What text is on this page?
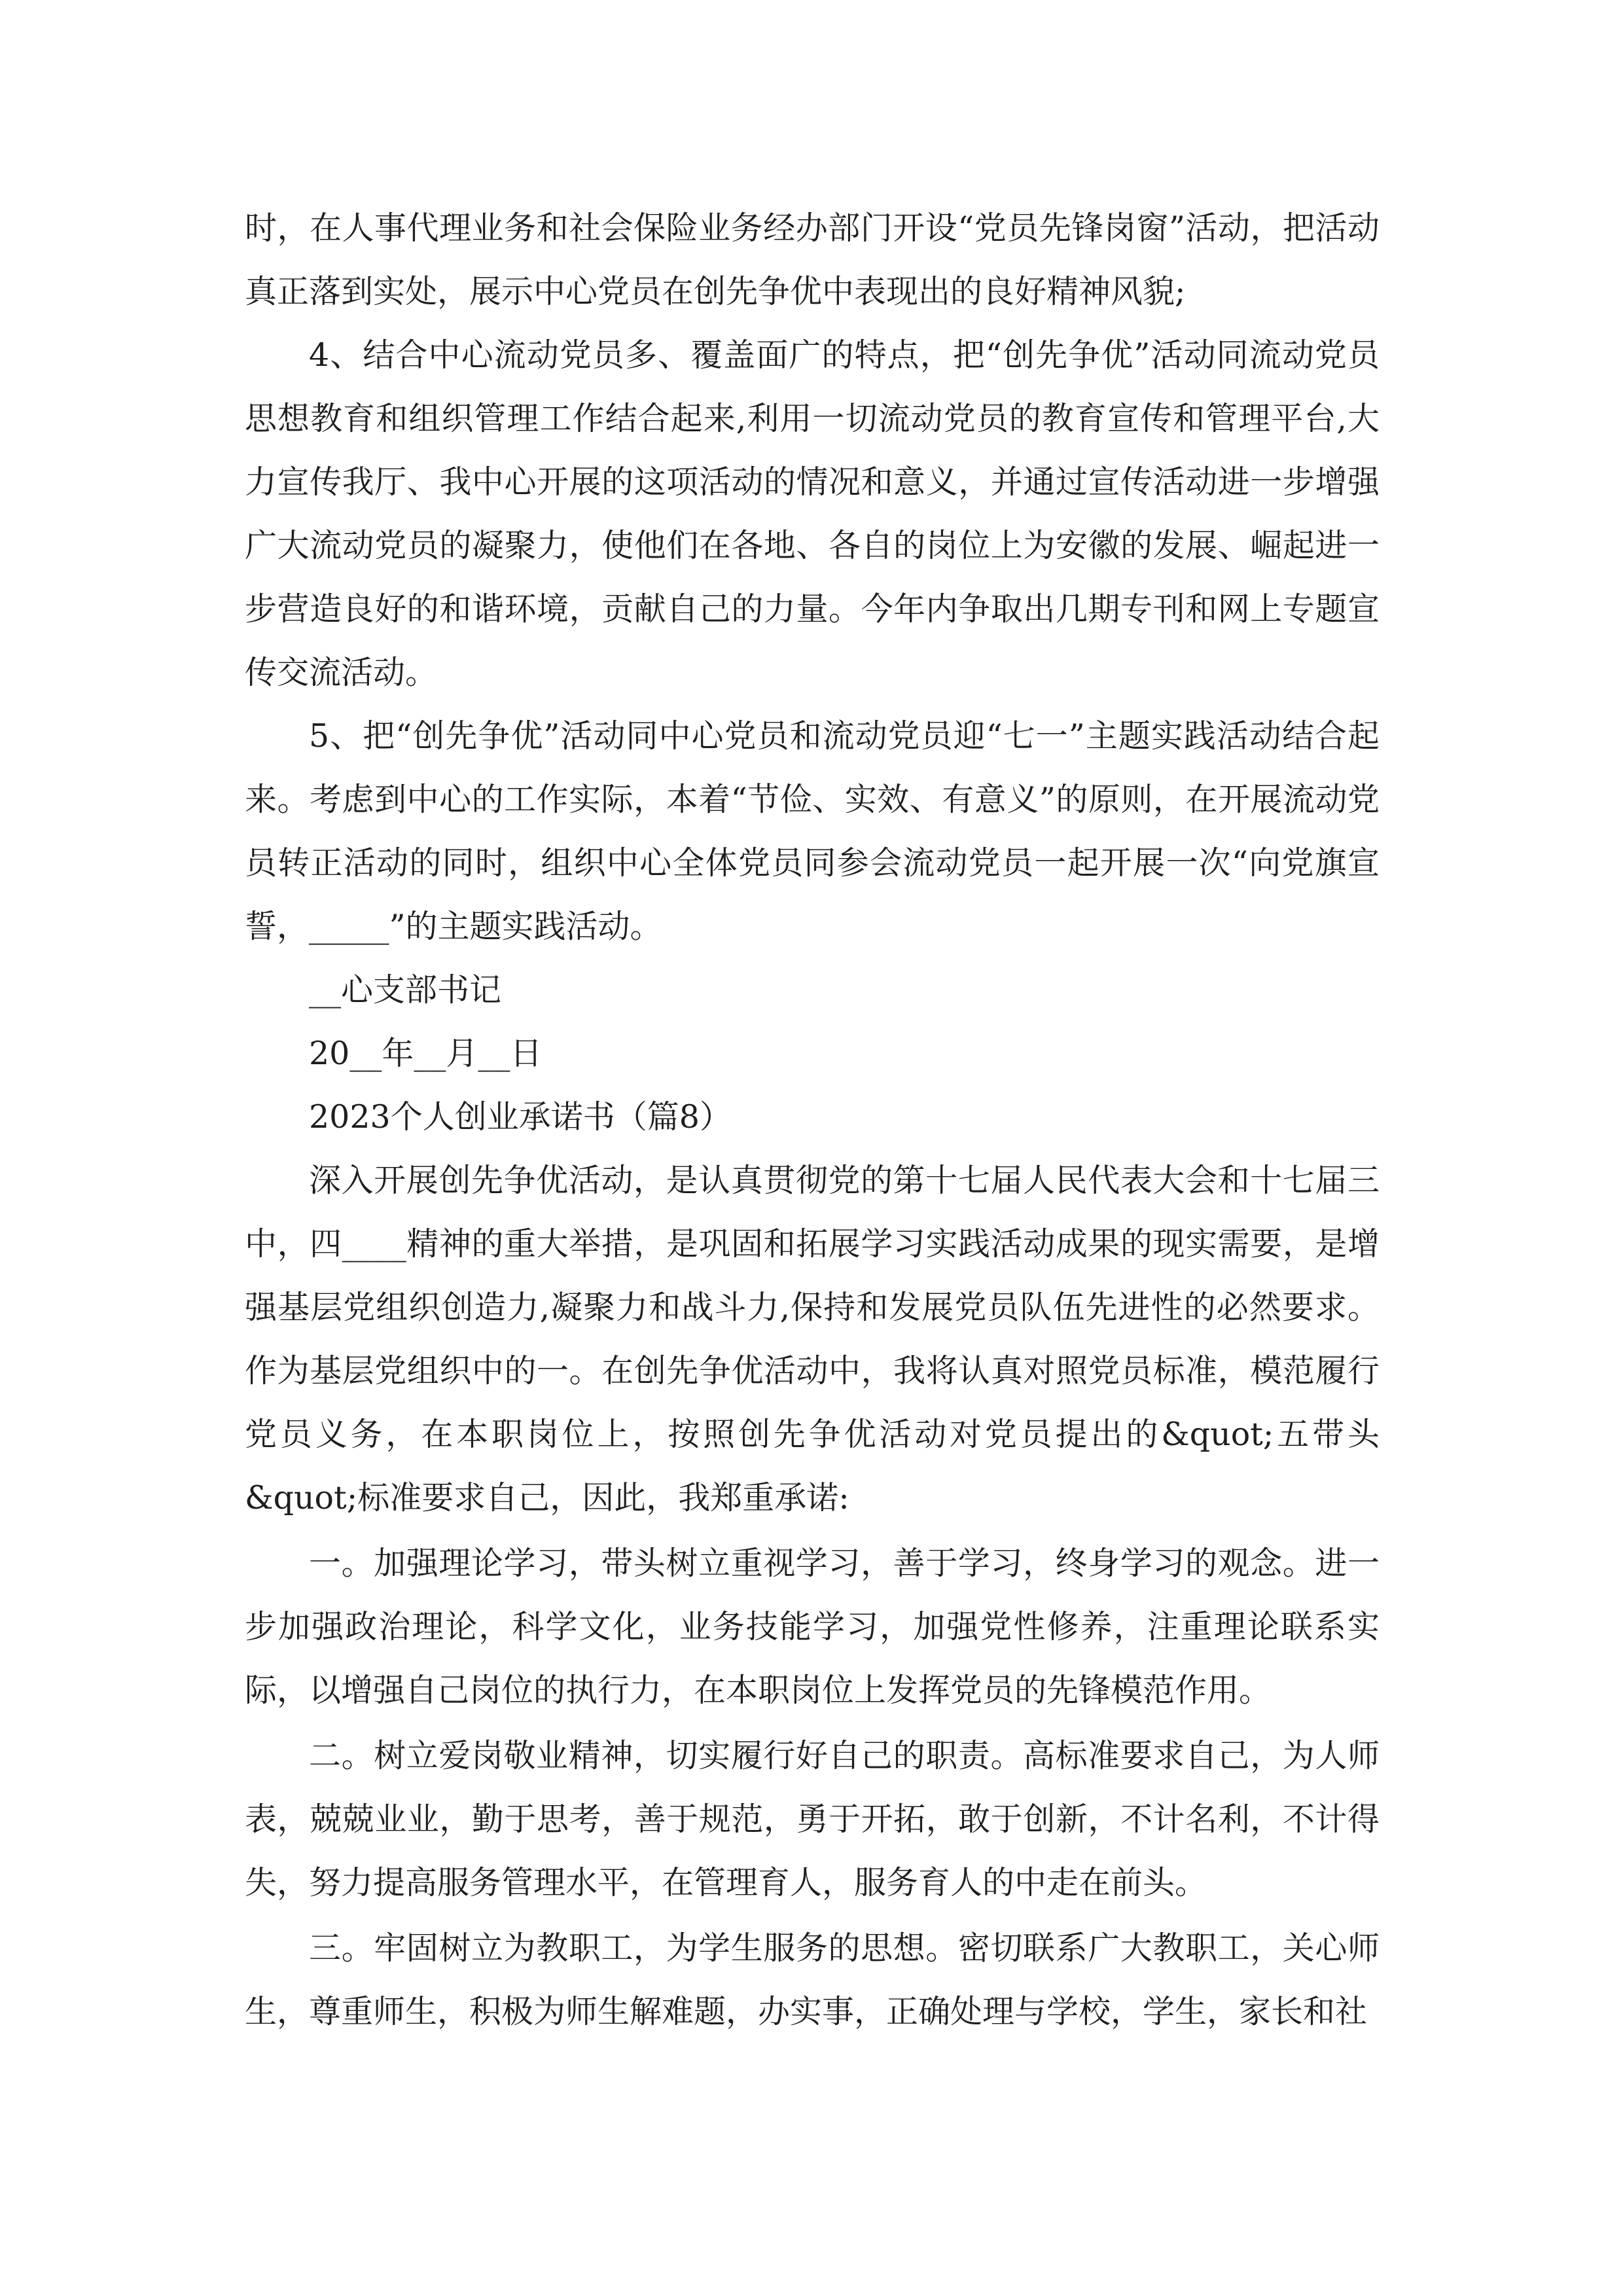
时，在人事代理业务和社会保险业务经办部门开设“党员先锋岗窗”活动，把活动真正落到实处，展示中心党员在创先争优中表现出的良好精神风貌;

4、结合中心流动党员多、覆盖面广的特点，把“创先争优”活动同流动党员思想教育和组织管理工作结合起来,利用一切流动党员的教育宣传和管理平台,大力宣传我厅、我中心开展的这项活动的情况和意义，并通过宣传活动进一步增强广大流动党员的凝聚力，使他们在各地、各自的岗位上为安徽的发展、崛起进一步营造良好的和谐环境，贡献自己的力量。今年内争取出几期专刊和网上专题宣传交流活动。

5、把“创先争优”活动同中心党员和流动党员迎“七一”主题实践活动结合起来。考虑到中心的工作实际，本着“节俭、实效、有意义”的原则，在开展流动党员转正活动的同时，组织中心全体党员同参会流动党员一起开展一次“向党旗宣誓，_____”的主题实践活动。

__心支部书记

20__年__月__日

2023个人创业承诺书（篇8）

深入开展创先争优活动，是认真贯彻党的第十七届人民代表大会和十七届三中，四____精神的重大举措，是巩固和拓展学习实践活动成果的现实需要，是增强基层党组织创造力,凝聚力和战斗力,保持和发展党员队伍先进性的必然要求。作为基层党组织中的一。在创先争优活动中，我将认真对照党员标准，模范履行党员义务，在本职岗位上，按照创先争优活动对党员提出的&quot;五带头&quot;标准要求自己，因此，我郑重承诺:

一。加强理论学习，带头树立重视学习，善于学习，终身学习的观念。进一步加强政治理论，科学文化，业务技能学习，加强党性修养，注重理论联系实际，以增强自己岗位的执行力，在本职岗位上发挥党员的先锋模范作用。

二。树立爱岗敬业精神，切实履行好自己的职责。高标准要求自己，为人师表，兢兢业业，勤于思考，善于规范，勇于开拓，敢于创新，不计名利，不计得失，努力提高服务管理水平，在管理育人，服务育人的中走在前头。

三。牢固树立为教职工，为学生服务的思想。密切联系广大教职工，关心师生，尊重师生，积极为师生解难题，办实事，正确处理与学校，学生，家长和社
